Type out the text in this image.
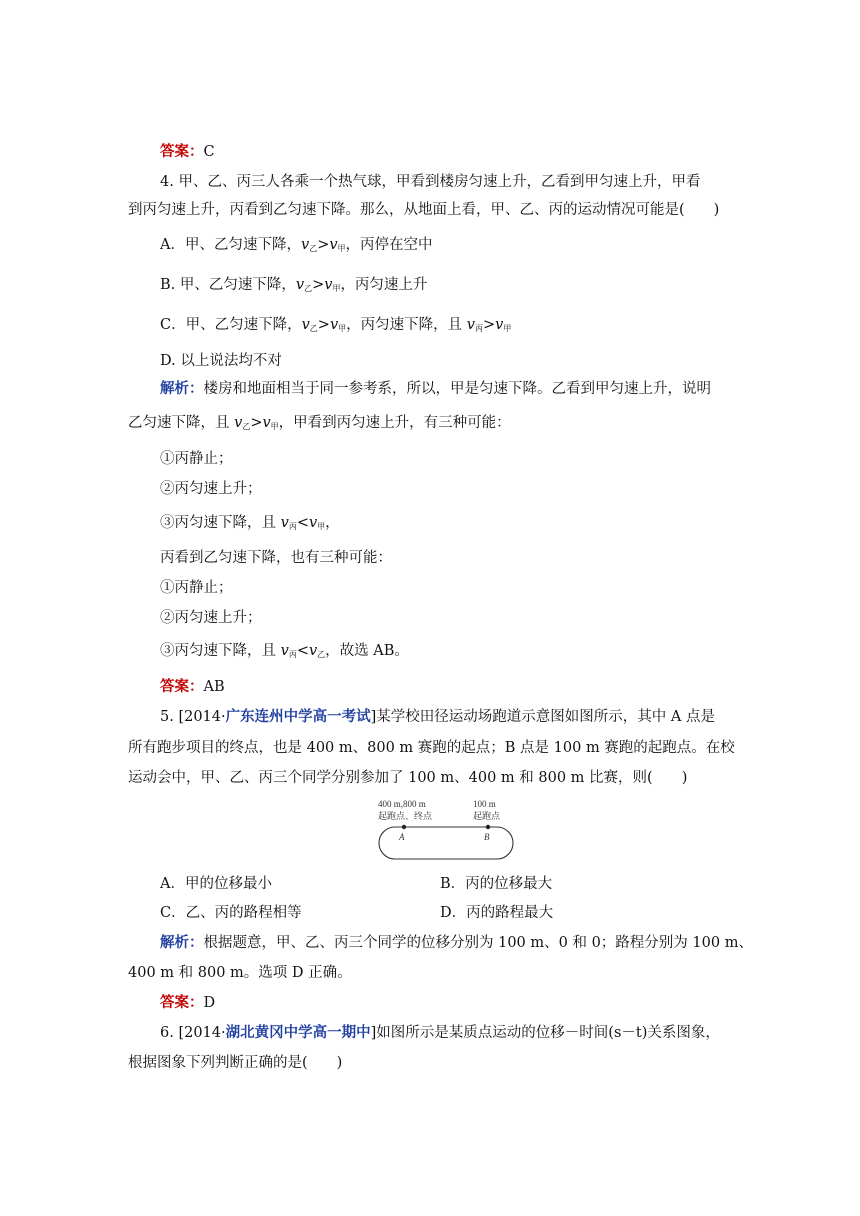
答案：C
4. 甲、乙、丙三人各乘一个热气球，甲看到楼房匀速上升，乙看到甲匀速上升，甲看
到丙匀速上升，丙看到乙匀速下降。那么，从地面上看，甲、乙、丙的运动情况可能是(　　)
A．甲、乙匀速下降，$v_乙>v_甲$，丙停在空中
B. 甲、乙匀速下降，$v_乙>v_甲$，丙匀速上升
C．甲、乙匀速下降，$v_乙>v_甲$，丙匀速下降，且 $v_丙>v_甲$
D. 以上说法均不对
解析：楼房和地面相当于同一参考系，所以，甲是匀速下降。乙看到甲匀速上升，说明
乙匀速下降，且 $v_乙>v_甲$，甲看到丙匀速上升，有三种可能：
①丙静止；
②丙匀速上升；
③丙匀速下降，且 $v_丙<v_甲$，
丙看到乙匀速下降，也有三种可能：
①丙静止；
②丙匀速上升；
③丙匀速下降，且 $v_丙<v_乙$，故选 AB。
答案：AB
5. [2014·广东连州中学高一考试]某学校田径运动场跑道示意图如图所示，其中 A 点是
所有跑步项目的终点，也是 400 m、800 m 赛跑的起点；B 点是 100 m 赛跑的起跑点。在校
运动会中，甲、乙、丙三个同学分别参加了 100 m、400 m 和 800 m 比赛，则(　　)
400 m,800 m
起跑点、终点
100 m
起跑点
A	B
A．甲的位移最小	B．丙的位移最大
C．乙、丙的路程相等	D．丙的路程最大
解析：根据题意，甲、乙、丙三个同学的位移分别为 100 m、0 和 0；路程分别为 100 m、
400 m 和 800 m。选项 D 正确。
答案：D
6. [2014·湖北黄冈中学高一期中]如图所示是某质点运动的位移－时间(s－t)关系图象，
根据图象下列判断正确的是(　　)
